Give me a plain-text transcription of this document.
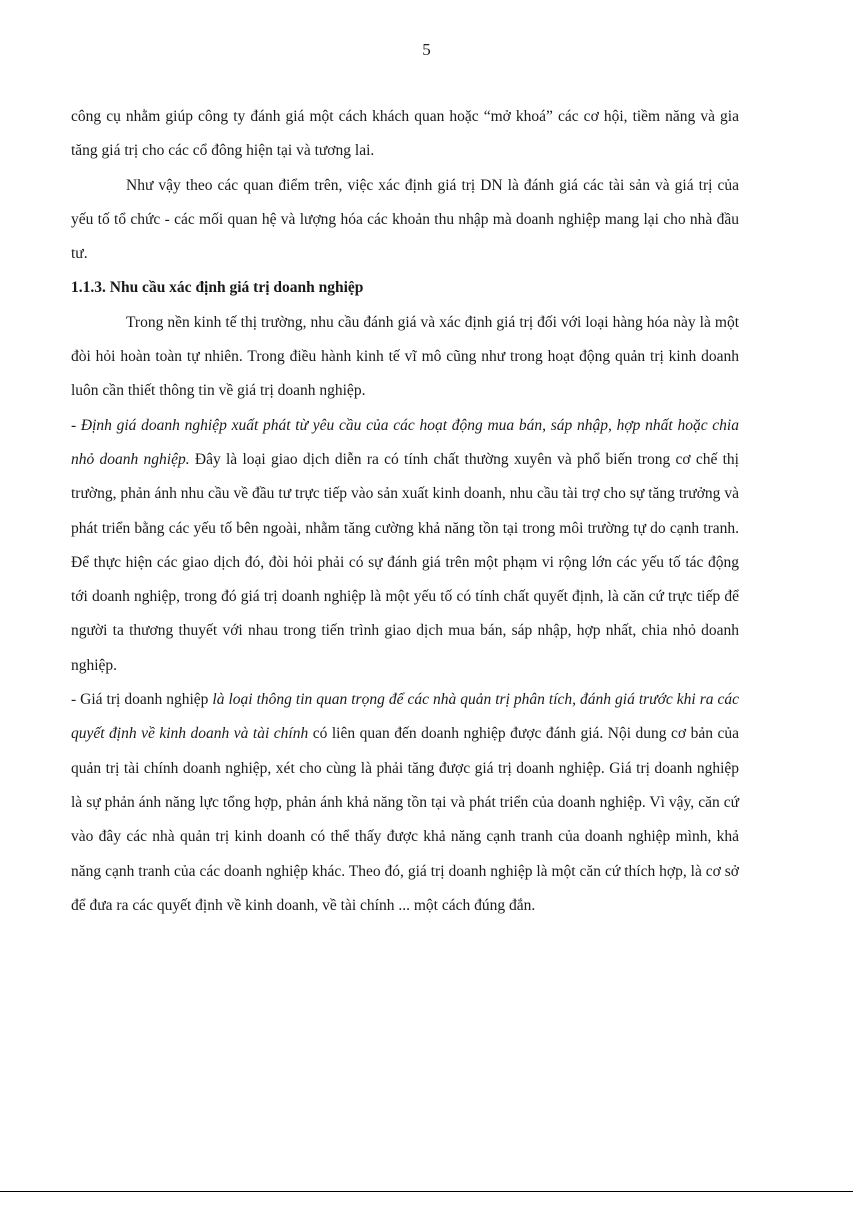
5

công cụ nhằm giúp công ty đánh giá một cách khách quan hoặc “mở khoá” các cơ hội, tiềm năng và gia tăng giá trị cho các cổ đông hiện tại và tương lai.

Như vậy theo các quan điểm trên, việc xác định giá trị DN là đánh giá các tài sản và giá trị của yếu tố tổ chức - các mối quan hệ và lượng hóa các khoản thu nhập mà doanh nghiệp mang lại cho nhà đầu tư.

1.1.3. Nhu cầu xác định giá trị doanh nghiệp

Trong nền kinh tế thị trường, nhu cầu đánh giá và xác định giá trị đối với loại hàng hóa này là một đòi hỏi hoàn toàn tự nhiên. Trong điều hành kinh tế vĩ mô cũng như trong hoạt động quản trị kinh doanh luôn cần thiết thông tin về giá trị doanh nghiệp.

- Định giá doanh nghiệp xuất phát từ yêu cầu của các hoạt động mua bán, sáp nhập, hợp nhất hoặc chia nhỏ doanh nghiệp. Đây là loại giao dịch diễn ra có tính chất thường xuyên và phổ biến trong cơ chế thị trường, phản ánh nhu cầu về đầu tư trực tiếp vào sản xuất kinh doanh, nhu cầu tài trợ cho sự tăng trưởng và phát triển bằng các yếu tố bên ngoài, nhằm tăng cường khả năng tồn tại trong môi trường tự do cạnh tranh. Để thực hiện các giao dịch đó, đòi hỏi phải có sự đánh giá trên một phạm vi rộng lớn các yếu tố tác động tới doanh nghiệp, trong đó giá trị doanh nghiệp là một yếu tố có tính chất quyết định, là căn cứ trực tiếp để người ta thương thuyết với nhau trong tiến trình giao dịch mua bán, sáp nhập, hợp nhất, chia nhỏ doanh nghiệp.

- Giá trị doanh nghiệp là loại thông tin quan trọng để các nhà quản trị phân tích, đánh giá trước khi ra các quyết định về kinh doanh và tài chính có liên quan đến doanh nghiệp được đánh giá. Nội dung cơ bản của quản trị tài chính doanh nghiệp, xét cho cùng là phải tăng được giá trị doanh nghiệp. Giá trị doanh nghiệp là sự phản ánh năng lực tổng hợp, phản ánh khả năng tồn tại và phát triển của doanh nghiệp. Vì vậy, căn cứ vào đây các nhà quản trị kinh doanh có thể thấy được khả năng cạnh tranh của doanh nghiệp mình, khả năng cạnh tranh của các doanh nghiệp khác. Theo đó, giá trị doanh nghiệp là một căn cứ thích hợp, là cơ sở để đưa ra các quyết định về kinh doanh, về tài chính ... một cách đúng đắn.
